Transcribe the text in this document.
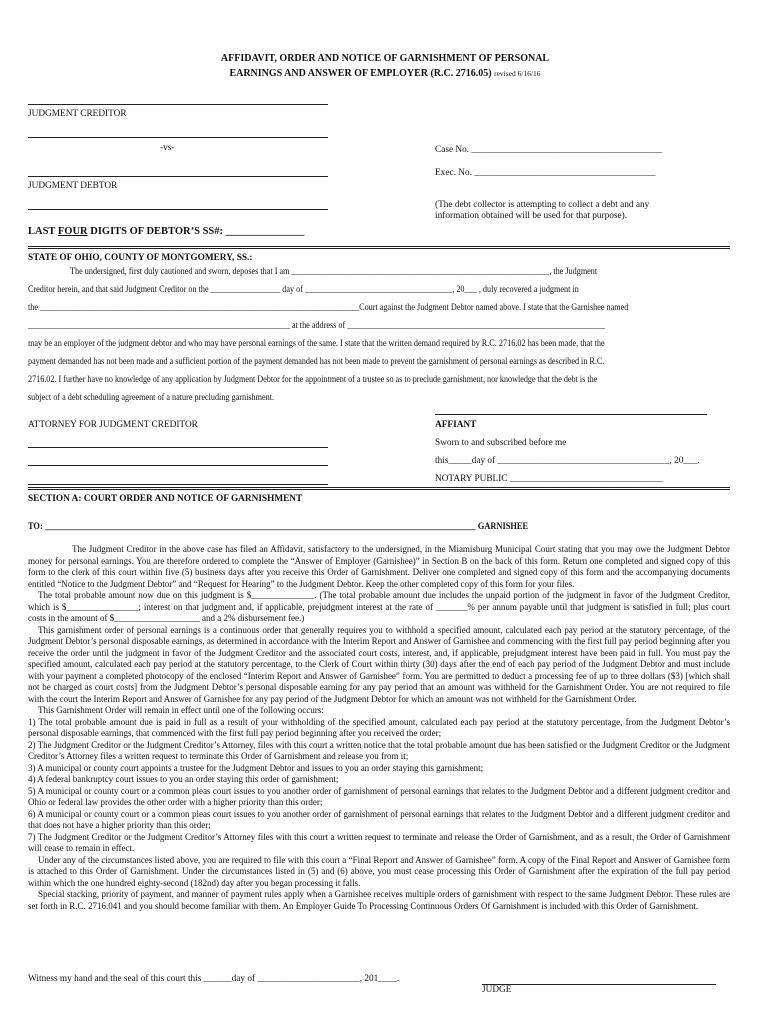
AFFIDAVIT, ORDER AND NOTICE OF GARNISHMENT OF PERSONAL
EARNINGS AND ANSWER OF EMPLOYER (R.C. 2716.05) revised 6/16/16
JUDGMENT CREDITOR
-vs-	Case No. _________________________________________
Exec. No. _______________________________________
JUDGMENT DEBTOR
(The debt collector is attempting to collect a debt and any
information obtained will be used for that purpose).
LAST FOUR DIGITS OF DEBTOR’S SS#: _______________
STATE OF OHIO, COUNTY OF MONTGOMERY, SS.:
The undersigned, first duly cautioned and sworn, deposes that I am _______________________________________________________________, the Judgment
Creditor herein, and that said Judgment Creditor on the _________________ day of ____________________________________, 20___ , duly recovered a judgment in
the ______________________________________________________________________________Court against the Judgment Debtor named above. I state that the Garnishee named
________________________________________________________________ at the address of _______________________________________________________________
may be an employer of the judgment debtor and who may have personal earnings of the same. I state that the written demand required by R.C. 2716.02 has been made, that the
payment demanded has not been made and a sufficient portion of the payment demanded has not been made to prevent the garnishment of personal earnings as described in R.C.
2716.02. I further have no knowledge of any application by Judgment Debtor for the appointment of a trustee so as to preclude garnishment, nor knowledge that the debt is the
subject of a debt scheduling agreement of a nature precluding garnishment.
ATTORNEY FOR JUDGMENT CREDITOR	AFFIANT
Sworn to and subscribed before me
this_____day of _____________________________________, 20___.
NOTARY PUBLIC _________________________________
SECTION A: COURT ORDER AND NOTICE OF GARNISHMENT
TO: _______________________________________________________________________________________________________ GARNISHEE

The Judgment Creditor in the above case has filed an Affidavit, satisfactory to the undersigned, in the Miamisburg Municipal Court stating that you may owe the Judgment Debtor money for personal earnings. You are therefore ordered to complete the “Answer of Employer (Garnishee)” in Section B on the back of this form. Return one completed and signed copy of this form to the clerk of this court within five (5) business days after you receive this Order of Garnishment. Deliver one completed and signed copy of this form and the accompanying documents entitled “Notice to the Judgment Debtor” and “Request for Hearing” to the Judgment Debtor. Keep the other completed copy of this form for your files.

The total probable amount now due on this judgment is $______________. (The total probable amount due includes the unpaid portion of the judgment in favor of the Judgment Creditor, which is $________________; interest on that judgment and, if applicable, prejudgment interest at the rate of _______% per annum payable until that judgment is satisfied in full; plus court costs in the amount of $___________________ and a 2% disbursement fee.)

This garnishment order of personal earnings is a continuous order that generally requires you to withhold a specified amount, calculated each pay period at the statutory percentage, of the Judgment Debtor’s personal disposable earnings, as determined in accordance with the Interim Report and Answer of Garnishee and commencing with the first full pay period beginning after you receive the order until the judgment in favor of the Judgment Creditor and the associated court costs, interest, and, if applicable, prejudgment interest have been paid in full. You must pay the specified amount, calculated each pay period at the statutory percentage, to the Clerk of Court within thirty (30) days after the end of each pay period of the Judgment Debtor and must include with your payment a completed photocopy of the enclosed “Interim Report and Answer of Garnishee” form. You are permitted to deduct a processing fee of up to three dollars ($3) [which shall not be charged as court costs] from the Judgment Debtor’s personal disposable earning for any pay period that an amount was withheld for the Garnishment Order. You are not required to file with the court the Interim Report and Answer of Garnishee for any pay period of the Judgment Debtor for which an amount was not withheld for the Garnishment Order.

This Garnishment Order will remain in effect until one of the following occurs:

1) The total probable amount due is paid in full as a result of your withholding of the specified amount, calculated each pay period at the statutory percentage, from the Judgment Debtor’s personal disposable earnings, that commenced with the first full pay period beginning after you received the order;

2) The Judgment Creditor or the Judgment Creditor’s Attorney, files with this court a written notice that the total probable amount due has been satisfied or the Judgment Creditor or the Judgment Creditor’s Attorney files a written request to terminate this Order of Garnishment and release you from it;

3) A municipal or county court appoints a trustee for the Judgment Debtor and issues to you an order staying this garnishment;

4) A federal bankruptcy court issues to you an order staying this order of garnishment;

5) A municipal or county court or a common pleas court issues to you another order of garnishment of personal earnings that relates to the Judgment Debtor and a different judgment creditor and Ohio or federal law provides the other order with a higher priority than this order;

6) A municipal or county court or a common pleas court issues to you another order of garnishment of personal earnings that relates to the Judgment Debtor and a different judgment creditor and that does not have a higher priority than this order;

7) The Judgment Creditor or the Judgment Creditor’s Attorney files with this court a written request to terminate and release the Order of Garnishment, and as a result, the Order of Garnishment will cease to remain in effect.

Under any of the circumstances listed above, you are required to file with this court a “Final Report and Answer of Garnishee” form. A copy of the Final Report and Answer of Garnishee form is attached to this Order of Garnishment. Under the circumstances listed in (5) and (6) above, you must cease processing this Order of Garnishment after the expiration of the full pay period within which the one hundred eighty-second (182nd) day after you began processing it falls.

Special stacking, priority of payment, and manner of payment rules apply when a Garnishee receives multiple orders of garnishment with respect to the same Judgment Debtor. These rules are set forth in R.C. 2716.041 and you should become familiar with them. An Employer Guide To Processing Continuous Orders Of Garnishment is included with this Order of Garnishment.

Witness my hand and the seal of this court this ______day of ______________________, 201____.
JUDGE
